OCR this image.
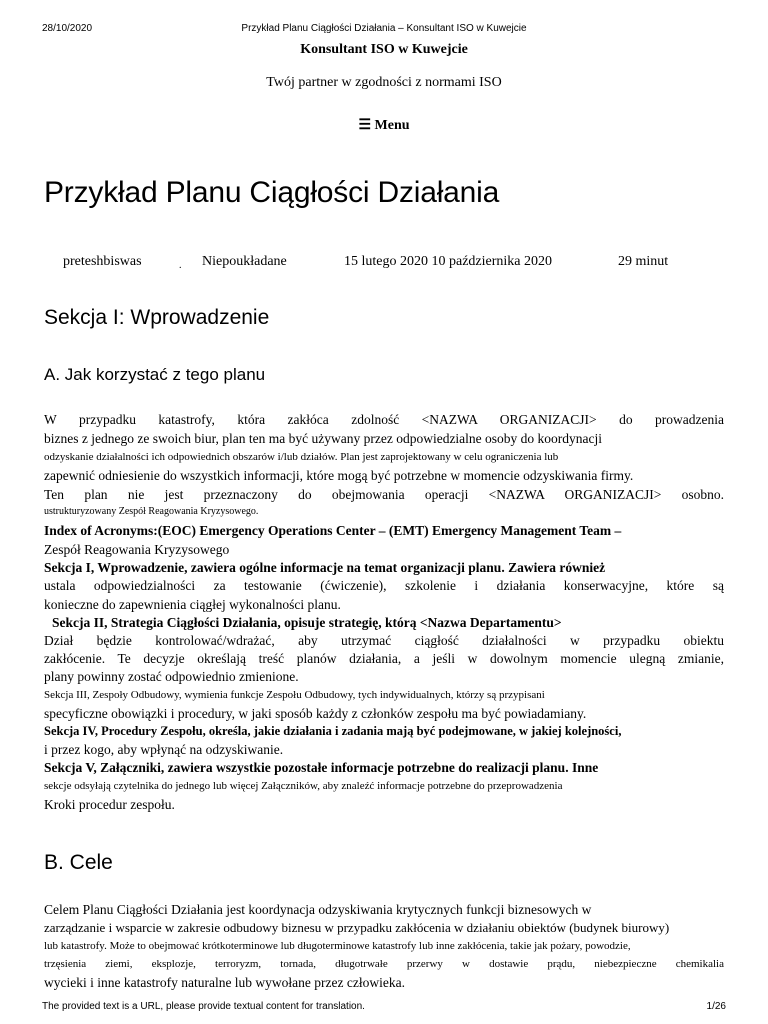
28/10/2020	Przykład Planu Ciągłości Działania – Konsultant ISO w Kuwejcie
Konsultant ISO w Kuwejcie
Twój partner w zgodności z normami ISO
☰ Menu
Przykład Planu Ciągłości Działania
preteshbiswas	. Niepoukładane	15 lutego 2020 10 października 2020	29 minut
Sekcja I: Wprowadzenie
A. Jak korzystać z tego planu
W przypadku katastrofy, która zakłóca zdolność <NAZWA ORGANIZACJI> do prowadzenia
biznes z jednego ze swoich biur, plan ten ma być używany przez odpowiedzialne osoby do koordynacji
odzyskanie działalności ich odpowiednich obszarów i/lub działów. Plan jest zaprojektowany w celu ograniczenia lub
zapewnić odniesienie do wszystkich informacji, które mogą być potrzebne w momencie odzyskiwania firmy.
Ten plan nie jest przeznaczony do obejmowania operacji <NAZWA ORGANIZACJI> osobno.
ustrukturyzowany Zespół Reagowania Kryzysowego.
Index of Acronyms:(EOC) Emergency Operations Center – (EMT) Emergency Management Team –
Zespół Reagowania Kryzysowego
Sekcja I, Wprowadzenie, zawiera ogólne informacje na temat organizacji planu. Zawiera również
ustala odpowiedzialności za testowanie (ćwiczenie), szkolenie i działania konserwacyjne, które są
konieczne do zapewnienia ciągłej wykonalności planu.
Sekcja II, Strategia Ciągłości Działania, opisuje strategię, którą <Nazwa Departamentu>
Dział będzie kontrolować/wdrażać, aby utrzymać ciągłość działalności w przypadku obiektu
zakłócenie. Te decyzje określają treść planów działania, a jeśli w dowolnym momencie ulegną zmianie,
plany powinny zostać odpowiednio zmienione.
Sekcja III, Zespoły Odbudowy, wymienia funkcje Zespołu Odbudowy, tych indywidualnych, którzy są przypisani
specyficzne obowiązki i procedury, w jaki sposób każdy z członków zespołu ma być powiadamiany.
Sekcja IV, Procedury Zespołu, określa, jakie działania i zadania mają być podejmowane, w jakiej kolejności,
i przez kogo, aby wpłynąć na odzyskiwanie.
Sekcja V, Załączniki, zawiera wszystkie pozostałe informacje potrzebne do realizacji planu. Inne
sekcje odsyłają czytelnika do jednego lub więcej Załączników, aby znaleźć informacje potrzebne do przeprowadzenia
Kroki procedur zespołu.
B. Cele
Celem Planu Ciągłości Działania jest koordynacja odzyskiwania krytycznych funkcji biznesowych w
zarządzanie i wsparcie w zakresie odbudowy biznesu w przypadku zakłócenia w działaniu obiektów (budynek biurowy)
lub katastrofy. Może to obejmować krótkoterminowe lub długoterminowe katastrofy lub inne zakłócenia, takie jak pożary, powodzie,
trzęsienia ziemi, eksplozje, terroryzm, tornada, długotrwałe przerwy w dostawie prądu, niebezpieczne chemikalia
wycieki i inne katastrofy naturalne lub wywołane przez człowieka.
The provided text is a URL, please provide textual content for translation.	1/26
